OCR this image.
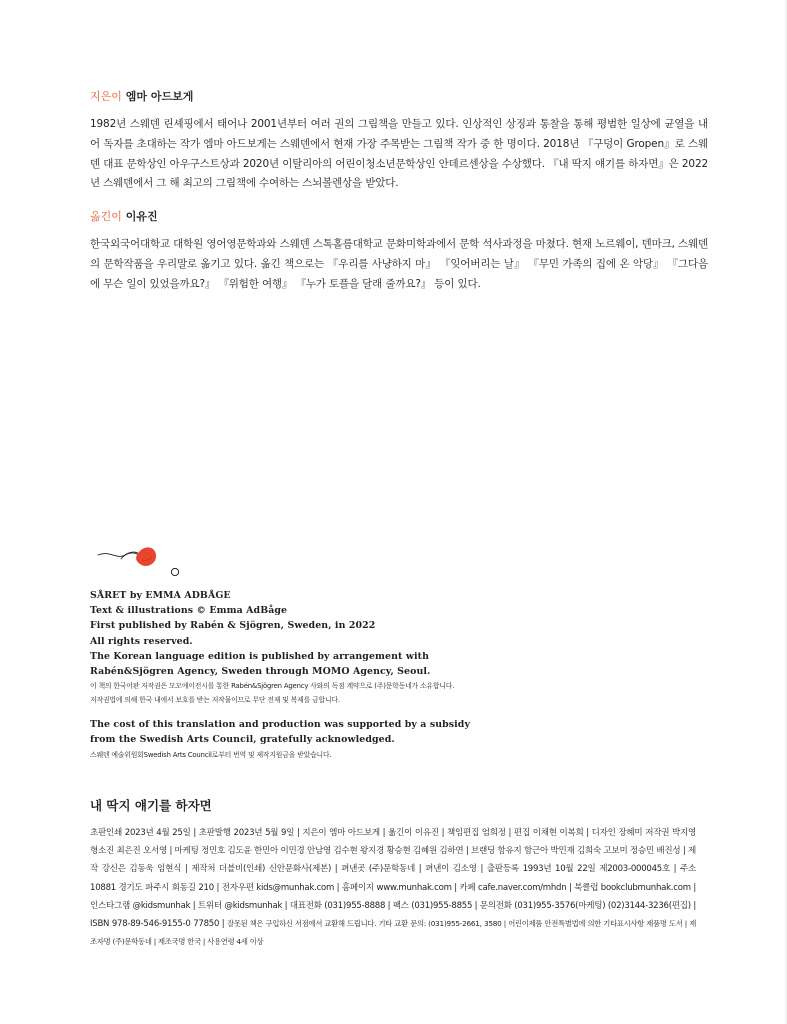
지은이 엠마 아드보게

1982년 스웨덴 린셰핑에서 태어나 2001년부터 여러 권의 그림책을 만들고 있다. 인상적인 상징과 통찰을 통해 평범한 일상에 균열을 내어 독자를 초대하는 작가 엠마 아드보게는 스웨덴에서 현재 가장 주목받는 그림책 작가 중 한 명이다. 2018년 『구덩이 Gropen』로 스웨덴 대표 문학상인 아우구스트상과 2020년 이탈리아의 어린이청소년문학상인 안데르센상을 수상했다. 『내 딱지 얘기를 하자면』은 2022년 스웨덴에서 그 해 최고의 그림책에 수여하는 스뇌볼렌상을 받았다.

옮긴이 이유진

한국외국어대학교 대학원 영어영문학과와 스웨덴 스톡홀름대학교 문화미학과에서 문학 석사과정을 마쳤다. 현재 노르웨이, 덴마크, 스웨덴의 문학작품을 우리말로 옮기고 있다. 옮긴 책으로는 『우리를 사냥하지 마』 『잊어버리는 날』 『무민 가족의 집에 온 악당』 『그다음에 무슨 일이 있었을까요?』 『위험한 여행』 『누가 토플을 달래 줄까요?』 등이 있다.

SÅRET by EMMA ADBÅGE

Text & illustrations © Emma AdBåge

First published by Rabén & Sjögren, Sweden, in 2022

All rights reserved.

The Korean language edition is published by arrangement with

Rabén&Sjögren Agency, Sweden through MOMO Agency, Seoul.

이 책의 한국어판 저작권은 모모에이전시를 통한 Rabén&Sjögren Agency 사와의 독점 계약으로 (주)문학동네가 소유합니다.

저작권법에 의해 한국 내에서 보호를 받는 저작물이므로 무단 전재 및 복제를 금합니다.

The cost of this translation and production was supported by a subsidy

from the Swedish Arts Council, gratefully acknowledged.

스웨덴 예술위원회Swedish Arts Council로부터 번역 및 제작지원금을 받았습니다.

내 딱지 얘기를 하자면

초판인쇄 2023년 4월 25일 | 초판발행 2023년 5월 9일 | 지은이 엠마 아드보게 | 옮긴이 이유진 | 책임편집 엄희정 | 편집 이채현 이복희 | 디자인 장혜미 저작권 박지영 형소진 최은진 오서영 | 마케팅 정민호 김도윤 한민아 이민경 안남영 김수현 왕지경 황승현 김혜원 김하연 | 브랜딩 함유지 함근아 박민재 김희숙 고보미 정승민 배진성 | 제작 강신은 김동욱 임현식 | 제작처 더블비(인쇄) 신안문화사(제본) | 펴낸곳 (주)문학동네 | 펴낸이 김소영 | 출판등록 1993년 10월 22일 제2003-000045호 | 주소 10881 경기도 파주시 회동길 210 | 전자우편 kids@munhak.com | 홈페이지 www.munhak.com | 카페 cafe.naver.com/mhdn | 북클럽 bookclubmunhak.com | 인스타그램 @kidsmunhak | 트위터 @kidsmunhak | 대표전화 (031)955-8888 | 팩스 (031)955-8855 | 문의전화 (031)955-3576(마케팅) (02)3144-3236(편집) | ISBN 978-89-546-9155-0 77850 | 잘못된 책은 구입하신 서점에서 교환해 드립니다. 기타 교환 문의: (031)955-2661, 3580 | 어린이제품 안전특별법에 의한 기타표시사항 제품명 도서 | 제조자명 (주)문학동네 | 제조국명 한국 | 사용연령 4세 이상
